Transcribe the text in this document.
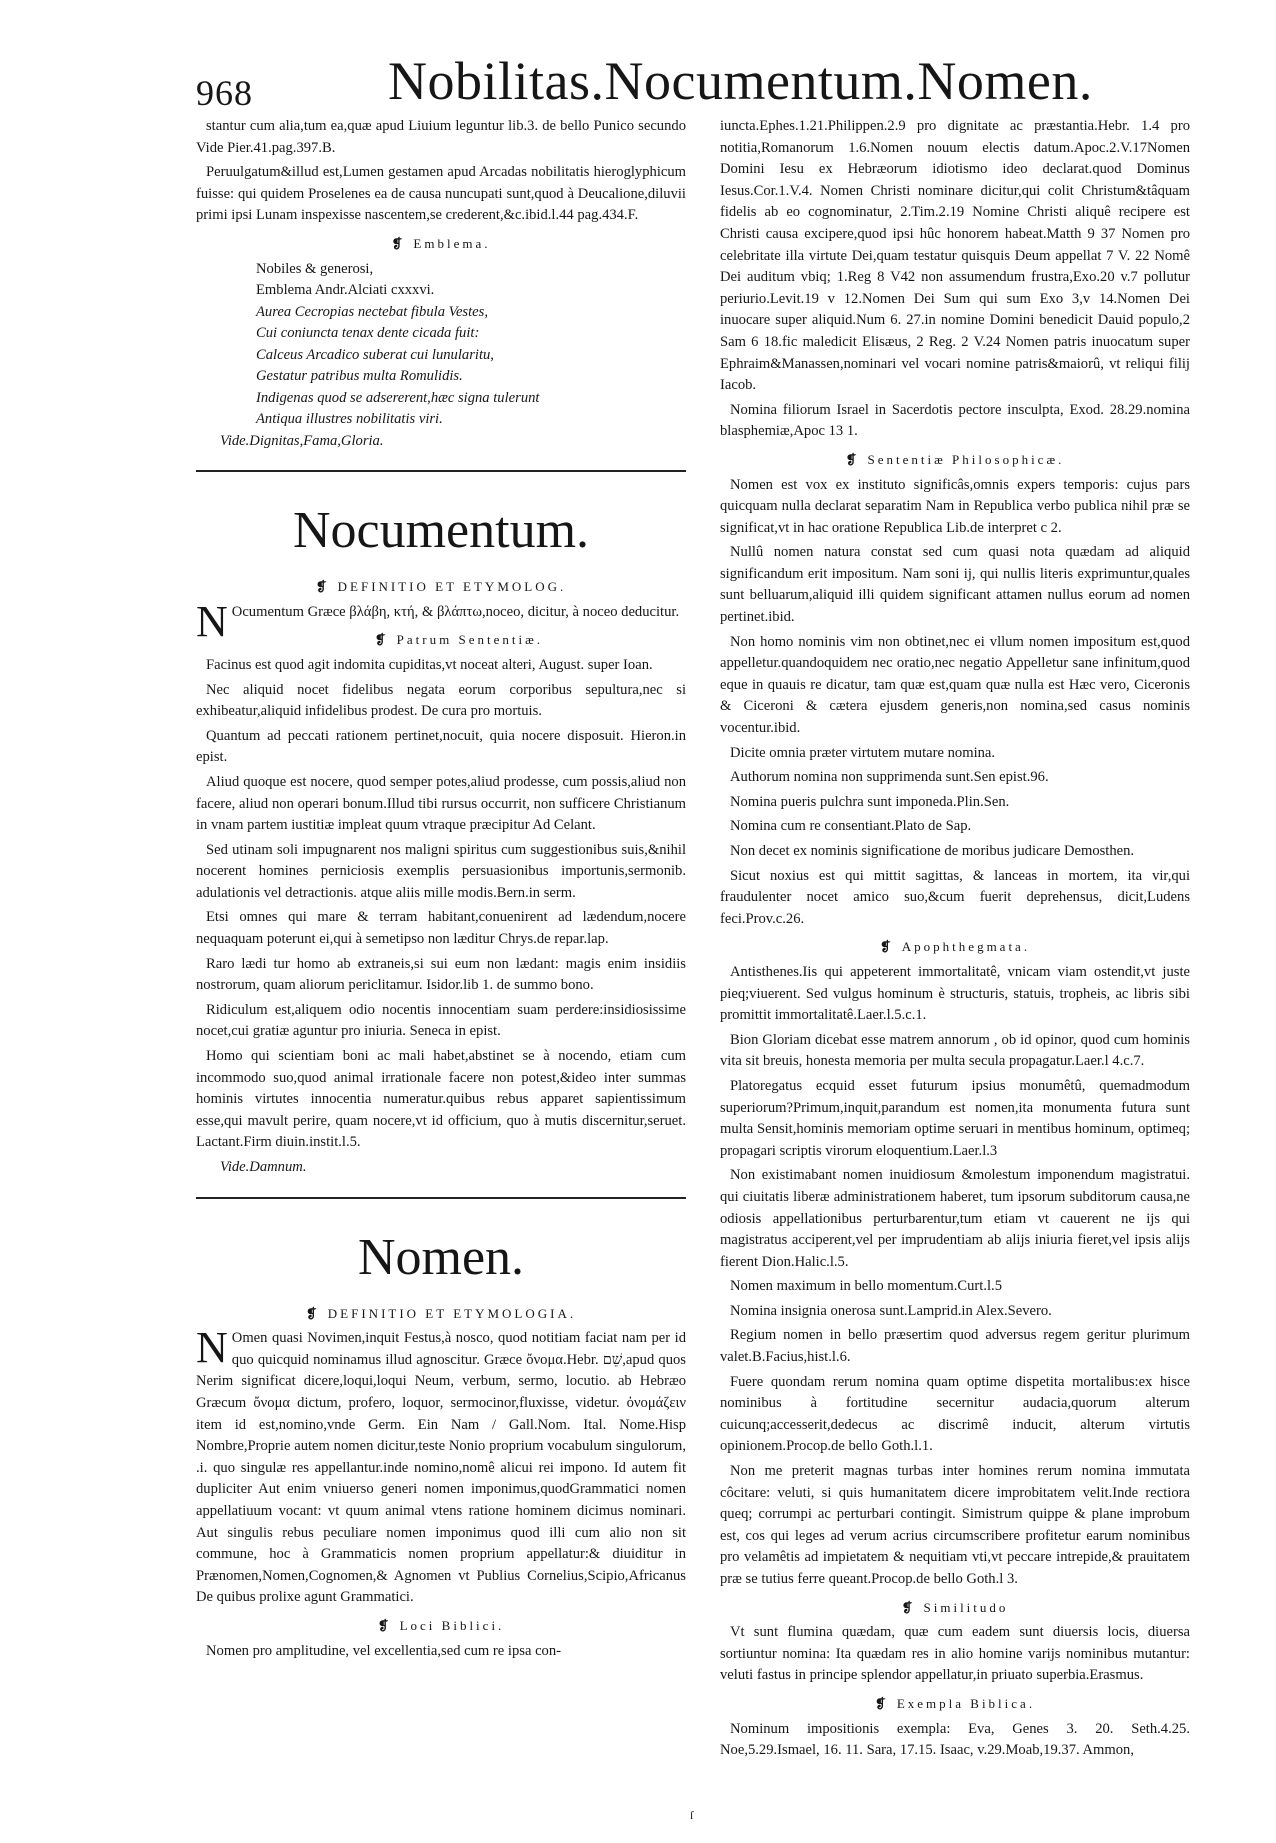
968	Nobilitas.Nocumentum.Nomen.

stantur cum alia,tum ea,quæ apud Liuium leguntur lib.3. de bello Punico secundo Vide Pier.41.pag.397.B.

Peruulgatum&illud est,Lumen gestamen apud Arcadas nobilitatis hieroglyphicum fuisse: qui quidem Proselenes ea de causa nuncupati sunt,quod à Deucalione,diluvii primi ipsi Lunam inspexisse nascentem,se crederent,&c.ibid.l.44 pag.434.F.

❡ Emblema.
Nobiles & generosi,
Emblema Andr.Alciati cxxxvi.
Aurea Cecropias nectebat fibula Vestes,
Cui coniuncta tenax dente cicada fuit:
Calceus Arcadico suberat cui lunularitu,
Gestatur patribus multa Romulidis.
Indigenas quod se adsererent,hæc signa tulerunt
Antiqua illustres nobilitatis viri.
Vide.Dignitas,Fama,Gloria.
Nocumentum.
❡ DEFINITIO ET ETYMOLOG.

N Ocumentum Græce βλάβη, κτή, & βλάπτω,noceo, dicitur, à noceo deducitur.

❡ Patrum Sententiæ.

Facinus est quod agit indomita cupiditas,vt noceat alteri, August. super Ioan.

Nec aliquid nocet fidelibus negata eorum corporibus sepultura,nec si exhibeatur,aliquid infidelibus prodest. De cura pro mortuis.

Quantum ad peccati rationem pertinet,nocuit, quia nocere disposuit. Hieron.in epist.

Aliud quoque est nocere, quod semper potes,aliud prodesse, cum possis,aliud non facere, aliud non operari bonum.Illud tibi rursus occurrit, non sufficere Christianum in vnam partem iustitiæ impleat quum vtraque præcipitur Ad Celant.

Sed utinam soli impugnarent nos maligni spiritus cum suggestionibus suis,&nihil nocerent homines perniciosis exemplis persuasionibus importunis,sermonib. adulationis vel detractionis. atque aliis mille modis.Bern.in serm.

Etsi omnes qui mare & terram habitant,conuenirent ad lædendum,nocere nequaquam poterunt ei,qui à semetipso non læditur Chrys.de repar.lap.

Raro lædi tur homo ab extraneis,si sui eum non lædant: magis enim insidiis nostrorum, quam aliorum periclitamur. Isidor.lib 1. de summo bono.

Ridiculum est,aliquem odio nocentis innocentiam suam perdere:insidiosissime nocet,cui gratiæ aguntur pro iniuria. Seneca in epist.

Homo qui scientiam boni ac mali habet,abstinet se à nocendo, etiam cum incommodo suo,quod animal irrationale facere non potest,&ideo inter summas hominis virtutes innocentia numeratur.quibus rebus apparet sapientissimum esse,qui mavult perire, quam nocere,vt id officium, quo à mutis discernitur,seruet. Lactant.Firm diuin.instit.l.5.

Vide.Damnum.
Nomen.
❡ DEFINITIO ET ETYMOLOGIA.

N Omen quasi Novimen,inquit Festus,à nosco, quod notitiam faciat nam per id quo quicquid nominamus illud agnoscitur. Græce ὄνομα.Hebr. שֵׁם,apud quos Nerim significat dicere,loqui,loqui Neum, verbum, sermo, locutio. ab Hebræo Græcum ὄνομα dictum, profero, loquor, sermocinor,fluxisse, videtur. ὀνομάζειν item id est,nomino,vnde Germ. Ein Nam / Gall.Nom. Ital. Nome.Hisp Nombre,Proprie autem nomen dicitur,teste Nonio proprium vocabulum singulorum, .i. quo singulæ res appellantur.inde nomino,nomê alicui rei impono. Id autem fit dupliciter Aut enim vniuerso generi nomen imponimus,quodGrammatici nomen appellatiuum vocant: vt quum animal vtens ratione hominem dicimus nominari. Aut singulis rebus peculiare nomen imponimus quod illi cum alio non sit commune, hoc à Grammaticis nomen proprium appellatur:& diuiditur in Prænomen,Nomen,Cognomen,& Agnomen vt Publius Cornelius,Scipio,Africanus De quibus prolixe agunt Grammatici.

❡ Loci Biblici.

Nomen pro amplitudine, vel excellentia,sed cum re ipsa con-

iuncta.Ephes.1.21.Philippen.2.9 pro dignitate ac præstantia.Hebr. 1.4 pro notitia,Romanorum 1.6.Nomen nouum electis datum.Apoc.2.V.17Nomen Domini Iesu ex Hebræorum idiotismo ideo declarat.quod Dominus Iesus.Cor.1.V.4. Nomen Christi nominare dicitur,qui colit Christum&tâquam fidelis ab eo cognominatur, 2.Tim.2.19 Nomine Christi aliquê recipere est Christi causa excipere,quod ipsi hûc honorem habeat.Matth 9 37 Nomen pro celebritate illa virtute Dei,quam testatur quisquis Deum appellat 7 V. 22 Nomê Dei auditum vbiq; 1.Reg 8 V42 non assumendum frustra,Exo.20 v.7 pollutur periurio.Levit.19 v 12.Nomen Dei Sum qui sum Exo 3,v 14.Nomen Dei inuocare super aliquid.Num 6. 27.in nomine Domini benedicit Dauid populo,2 Sam 6 18.fic maledicit Elisæus, 2 Reg. 2 V.24 Nomen patris inuocatum super Ephraim&Manassen,nominari vel vocari nomine patris&maiorû, vt reliqui filij Iacob.

Nomina filiorum Israel in Sacerdotis pectore insculpta, Exod. 28.29.nomina blasphemiæ,Apoc 13 1.

❡ Sententiæ Philosophicæ.

Nomen est vox ex instituto significâs,omnis expers temporis: cujus pars quicquam nulla declarat separatim Nam in Republica verbo publica nihil præ se significat,vt in hac oratione Republica Lib.de interpret c 2.

Nullû nomen natura constat sed cum quasi nota quædam ad aliquid significandum erit impositum. Nam soni ij, qui nullis literis exprimuntur,quales sunt belluarum,aliquid illi quidem significant attamen nullus eorum ad nomen pertinet.ibid.

Non homo nominis vim non obtinet,nec ei vllum nomen impositum est,quod appelletur.quandoquidem nec oratio,nec negatio Appelletur sane infinitum,quod eque in quauis re dicatur, tam quæ est,quam quæ nulla est Hæc vero, Ciceronis & Ciceroni & cætera ejusdem generis,non nomina,sed casus nominis vocentur.ibid.

Dicite omnia præter virtutem mutare nomina.

Authorum nomina non supprimenda sunt.Sen epist.96.

Nomina pueris pulchra sunt imponeda.Plin.Sen.

Nomina cum re consentiant.Plato de Sap.

Non decet ex nominis significatione de moribus judicare Demosthen.

Sicut noxius est qui mittit sagittas, & lanceas in mortem, ita vir,qui fraudulenter nocet amico suo,&cum fuerit deprehensus, dicit,Ludens feci.Prov.c.26.

❡ Apophthegmata.

Antisthenes.Iis qui appeterent immortalitatê, vnicam viam ostendit,vt juste pieq;viuerent. Sed vulgus hominum è structuris, statuis, tropheis, ac libris sibi promittit immortalitatê.Laer.l.5.c.1.

Bion Gloriam dicebat esse matrem annorum , ob id opinor, quod cum hominis vita sit breuis, honesta memoria per multa secula propagatur.Laer.l 4.c.7.

Platoregatus ecquid esset futurum ipsius monumêtû, quemadmodum superiorum?Primum,inquit,parandum est nomen,ita monumenta futura sunt multa Sensit,hominis memoriam optime seruari in mentibus hominum, optimeq; propagari scriptis virorum eloquentium.Laer.l.3

Non existimabant nomen inuidiosum &molestum imponendum magistratui. qui ciuitatis liberæ administrationem haberet, tum ipsorum subditorum causa,ne odiosis appellationibus perturbarentur,tum etiam vt cauerent ne ijs qui magistratus acciperent,vel per imprudentiam ab alijs iniuria fieret,vel ipsis alijs fierent Dion.Halic.l.5.

Nomen maximum in bello momentum.Curt.l.5

Nomina insignia onerosa sunt.Lamprid.in Alex.Severo.

Regium nomen in bello præsertim quod adversus regem geritur plurimum valet.B.Facius,hist.l.6.

Fuere quondam rerum nomina quam optime dispetita mortalibus:ex hisce nominibus à fortitudine secernitur audacia,quorum alterum cuicunq;accesserit,dedecus ac discrimê inducit, alterum virtutis opinionem.Procop.de bello Goth.l.1.

Non me preterit magnas turbas inter homines rerum nomina immutata côcitare: veluti, si quis humanitatem dicere improbitatem velit.Inde rectiora queq; corrumpi ac perturbari contingit. Simistrum quippe & plane improbum est, cos qui leges ad verum acrius circumscribere profitetur earum nominibus pro velamêtis ad impietatem & nequitiam vti,vt peccare intrepide,& prauitatem præ se tutius ferre queant.Procop.de bello Goth.l 3.

❡ Similitudo

Vt sunt flumina quædam, quæ cum eadem sunt diuersis locis, diuersa sortiuntur nomina: Ita quædam res in alio homine varijs nominibus mutantur: veluti fastus in principe splendor appellatur,in priuato superbia.Erasmus.

❡ Exempla Biblica.

Nominum impositionis exempla: Eva, Genes 3. 20. Seth.4.25. Noe,5.29.Ismael, 16. 11. Sara, 17.15. Isaac, v.29.Moab,19.37. Ammon,

ſ
